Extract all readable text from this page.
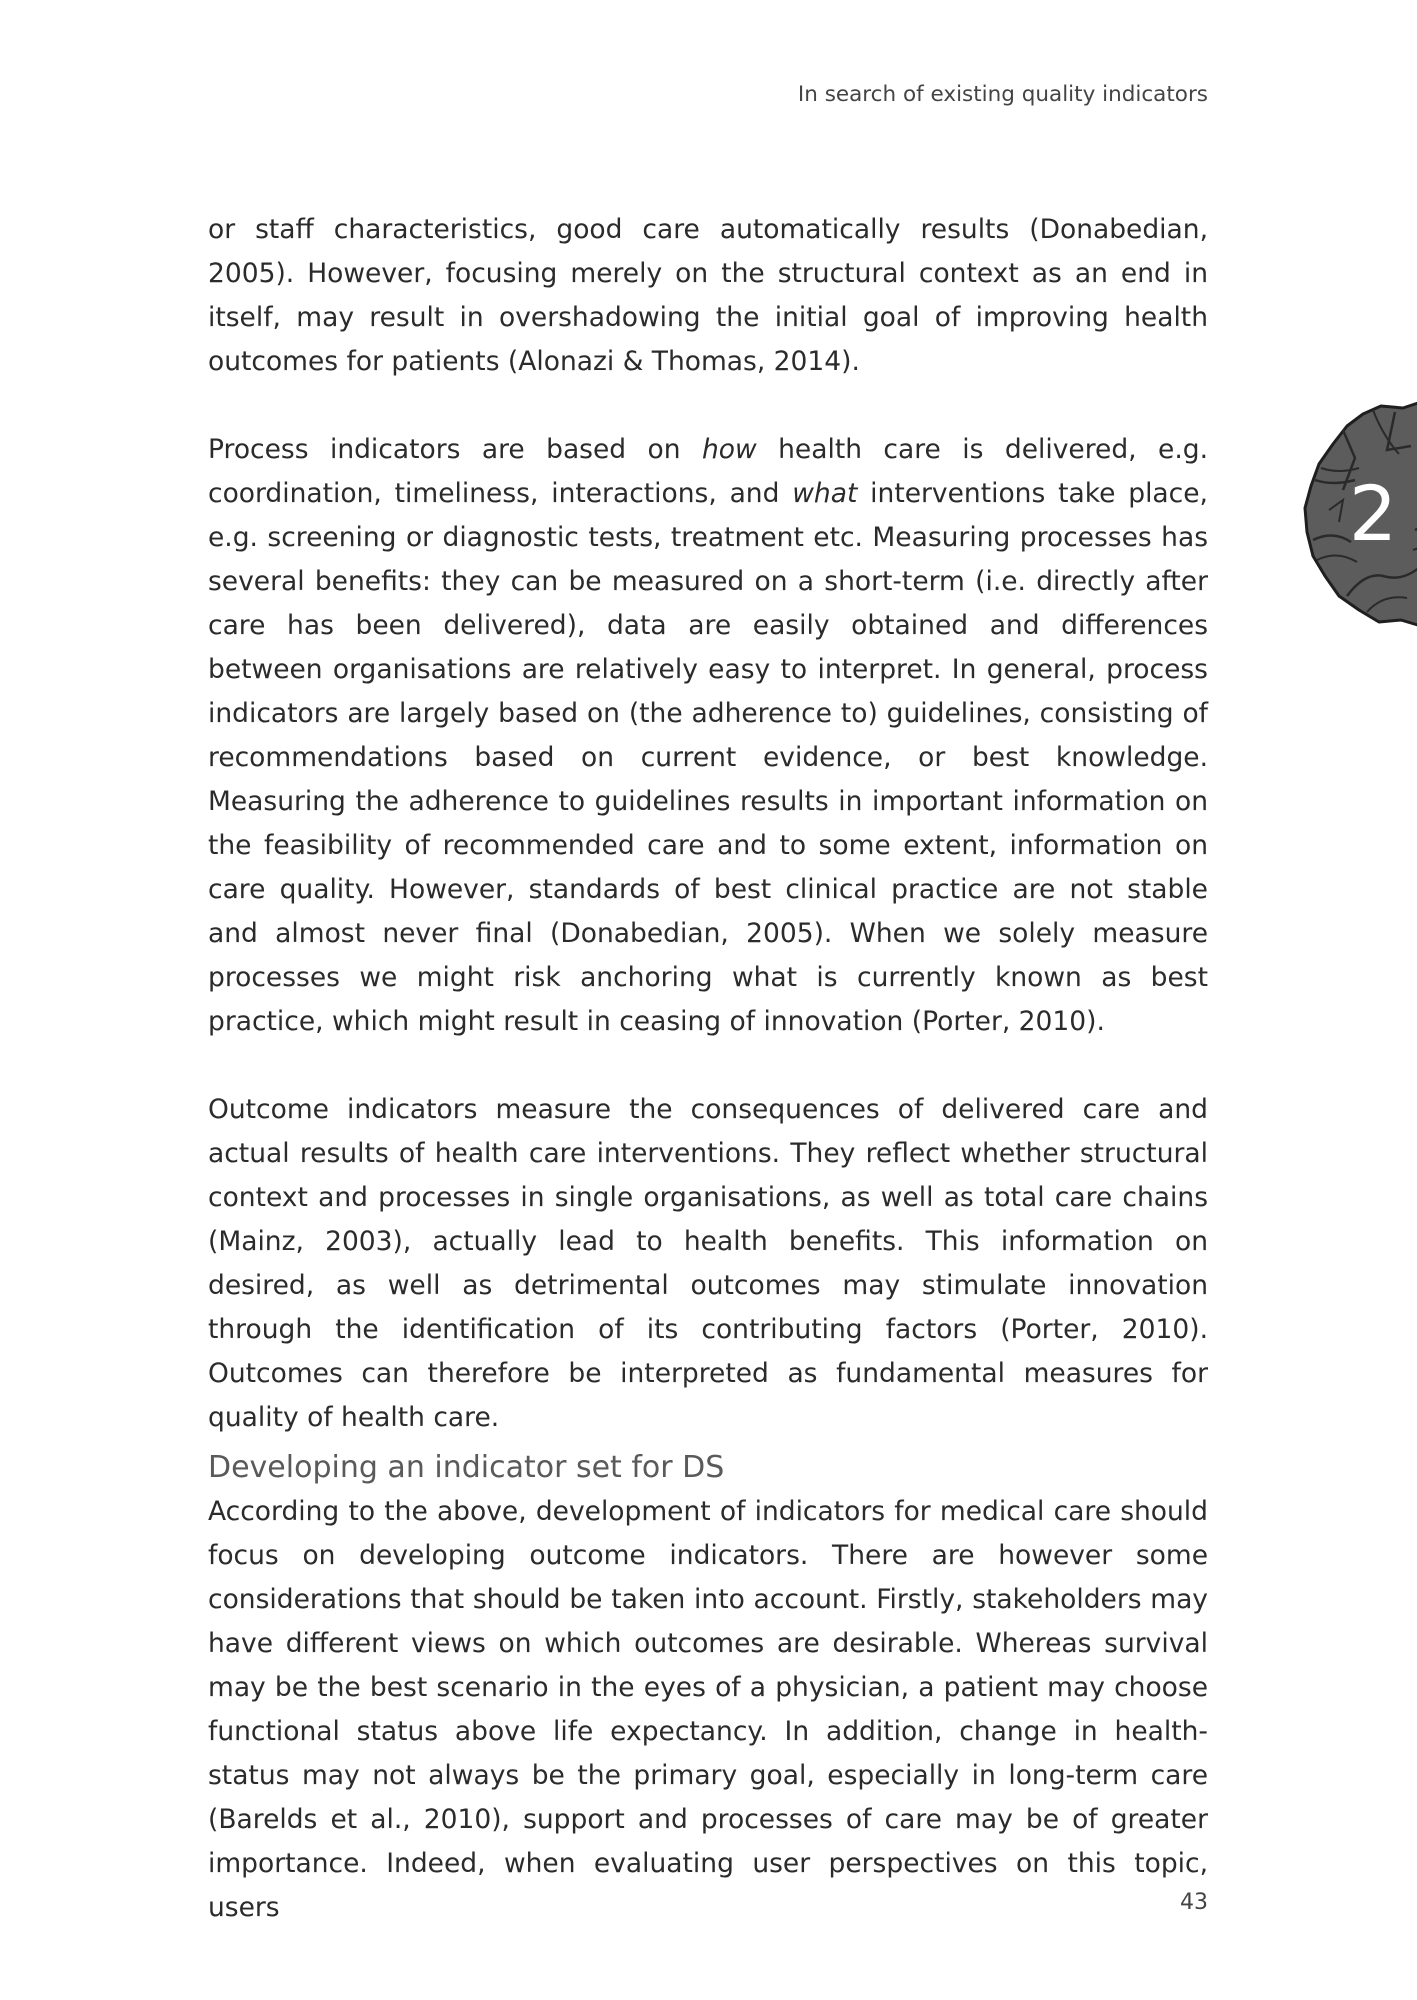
In search of existing quality indicators
2

or staff characteristics, good care automatically results (Donabedian, 2005). However, focusing merely on the structural context as an end in itself, may result in overshadowing the initial goal of improving health outcomes for patients (Alonazi & Thomas, 2014).

Process indicators are based on how health care is delivered, e.g. coordination, timeliness, interactions, and what interventions take place, e.g. screening or diagnostic tests, treatment etc. Measuring processes has several benefits: they can be measured on a short-term (i.e. directly after care has been delivered), data are easily obtained and differences between organisations are relatively easy to interpret. In general, process indicators are largely based on (the adherence to) guidelines, consisting of recommendations based on current evidence, or best knowledge. Measuring the adherence to guidelines results in important information on the feasibility of recommended care and to some extent, information on care quality. However, standards of best clinical practice are not stable and almost never final (Donabedian, 2005). When we solely measure processes we might risk anchoring what is currently known as best practice, which might result in ceasing of innovation (Porter, 2010).

Outcome indicators measure the consequences of delivered care and actual results of health care interventions. They reflect whether structural context and processes in single organisations, as well as total care chains (Mainz, 2003), actually lead to health benefits. This information on desired, as well as detrimental outcomes may stimulate innovation through the identification of its contributing factors (Porter, 2010). Outcomes can therefore be interpreted as fundamental measures for quality of health care.

Developing an indicator set for DS

According to the above, development of indicators for medical care should focus on developing outcome indicators. There are however some considerations that should be taken into account. Firstly, stakeholders may have different views on which outcomes are desirable. Whereas survival may be the best scenario in the eyes of a physician, a patient may choose functional status above life expectancy. In addition, change in health-status may not always be the primary goal, especially in long-term care (Barelds et al., 2010), support and processes of care may be of greater importance. Indeed, when evaluating user perspectives on this topic, users	43
